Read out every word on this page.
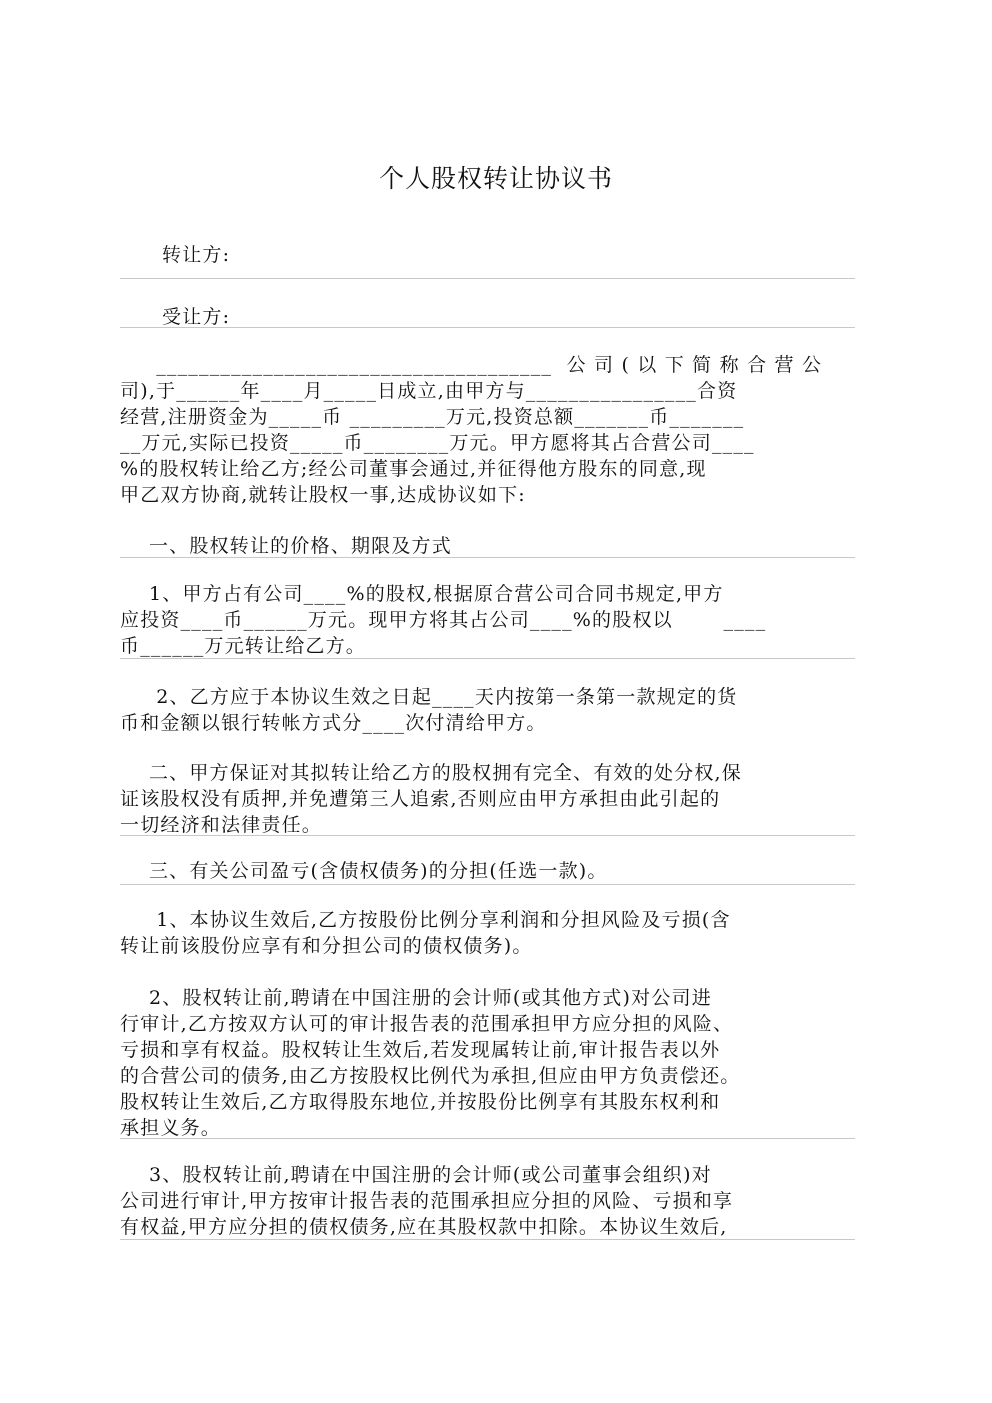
个人股权转让协议书
转让方:
受让方:
_____________________________________  公 司 ( 以 下 简 称 合 营 公
司),于______年____月_____日成立,由甲方与________________合资
经营,注册资金为_____币 _________万元,投资总额_______币_______
__万元,实际已投资_____币________万元。甲方愿将其占合营公司____
%的股权转让给乙方;经公司董事会通过,并征得他方股东的同意,现
甲乙双方协商,就转让股权一事,达成协议如下:
一、股权转让的价格、期限及方式
1、甲方占有公司____%的股权,根据原合营公司合同书规定,甲方
应投资____币______万元。现甲方将其占公司____%的股权以       ____
币______万元转让给乙方。
2、乙方应于本协议生效之日起____天内按第一条第一款规定的货
币和金额以银行转帐方式分____次付清给甲方。
二、甲方保证对其拟转让给乙方的股权拥有完全、有效的处分权,保
证该股权没有质押,并免遭第三人追索,否则应由甲方承担由此引起的
一切经济和法律责任。
三、有关公司盈亏(含债权债务)的分担(任选一款)。
1、本协议生效后,乙方按股份比例分享利润和分担风险及亏损(含
转让前该股份应享有和分担公司的债权债务)。
2、股权转让前,聘请在中国注册的会计师(或其他方式)对公司进
行审计,乙方按双方认可的审计报告表的范围承担甲方应分担的风险、
亏损和享有权益。股权转让生效后,若发现属转让前,审计报告表以外
的合营公司的债务,由乙方按股权比例代为承担,但应由甲方负责偿还。
股权转让生效后,乙方取得股东地位,并按股份比例享有其股东权利和
承担义务。
3、股权转让前,聘请在中国注册的会计师(或公司董事会组织)对
公司进行审计,甲方按审计报告表的范围承担应分担的风险、亏损和享
有权益,甲方应分担的债权债务,应在其股权款中扣除。本协议生效后,
